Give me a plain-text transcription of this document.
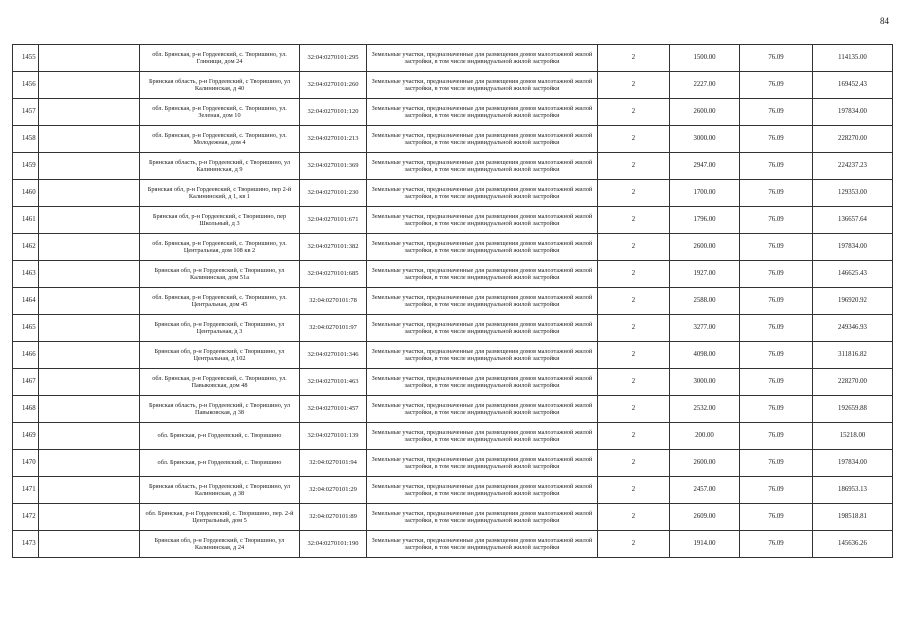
84
1455		обл. Брянская, р-н Гордеевский, с. Творишино, ул. Глинищи, дом 24	32:04:0270101:295	Земельные участки, предназначенные для размещения домов малоэтажной жилой застройки, в том числе индивидуальной жилой застройки	2	1500.00	76.09	114135.00
1456		Брянская область, р-н Гордеевский, с Творишино, ул Калининская, д 40	32:04:0270101:260	Земельные участки, предназначенные для размещения домов малоэтажной жилой застройки, в том числе индивидуальной жилой застройки	2	2227.00	76.09	169452.43
1457		обл. Брянская, р-н Гордеевский, с. Творишино, ул. Зеленая, дом 10	32:04:0270101:120	Земельные участки, предназначенные для размещения домов малоэтажной жилой застройки, в том числе индивидуальной жилой застройки	2	2600.00	76.09	197834.00
1458		обл. Брянская, р-н Гордеевский, с. Творишино, ул. Молодежная, дом 4	32:04:0270101:213	Земельные участки, предназначенные для размещения домов малоэтажной жилой застройки, в том числе индивидуальной жилой застройки	2	3000.00	76.09	228270.00
1459		Брянская область, р-н Гордеевский, с Творишино, ул Калининская, д 9	32:04:0270101:369	Земельные участки, предназначенные для размещения домов малоэтажной жилой застройки, в том числе индивидуальной жилой застройки	2	2947.00	76.09	224237.23
1460		Брянская обл, р-н Гордеевский, с Творишино, пер 2-й Калининский, д 1, кв 1	32:04:0270101:230	Земельные участки, предназначенные для размещения домов малоэтажной жилой застройки, в том числе индивидуальной жилой застройки	2	1700.00	76.09	129353.00
1461		Брянская обл, р-н Гордеевский, с Творишино, пер Школьный, д 3	32:04:0270101:671	Земельные участки, предназначенные для размещения домов малоэтажной жилой застройки, в том числе индивидуальной жилой застройки	2	1796.00	76.09	136657.64
1462		обл. Брянская, р-н Гордеевский, с. Творишино, ул. Центральная, дом 108 кв 2	32:04:0270101:382	Земельные участки, предназначенные для размещения домов малоэтажной жилой застройки, в том числе индивидуальной жилой застройки	2	2600.00	76.09	197834.00
1463		Брянская обл, р-н Гордеевский, с Творишино, ул Калининская, дом 51а	32:04:0270101:685	Земельные участки, предназначенные для размещения домов малоэтажной жилой застройки, в том числе индивидуальной жилой застройки	2	1927.00	76.09	146625.43
1464		обл. Брянская, р-н Гордеевский, с. Творишино, ул. Центральная, дом 45	32:04:0270101:78	Земельные участки, предназначенные для размещения домов малоэтажной жилой застройки, в том числе индивидуальной жилой застройки	2	2588.00	76.09	196920.92
1465		Брянская обл, р-н Гордеевский, с Творишино, ул Центральная, д 3	32:04:0270101:97	Земельные участки, предназначенные для размещения домов малоэтажной жилой застройки, в том числе индивидуальной жилой застройки	2	3277.00	76.09	249346.93
1466		Брянская обл, р-н Гордеевский, с Творишино, ул Центральная, д 102	32:04:0270101:346	Земельные участки, предназначенные для размещения домов малоэтажной жилой застройки, в том числе индивидуальной жилой застройки	2	4098.00	76.09	311816.82
1467		обл. Брянская, р-н Гордеевский, с. Творишино, ул. Павыковская, дом 48	32:04:0270101:463	Земельные участки, предназначенные для размещения домов малоэтажной жилой застройки, в том числе индивидуальной жилой застройки	2	3000.00	76.09	228270.00
1468		Брянская область, р-н Гордеевский, с Творишино, ул Павыковская, д 38	32:04:0270101:457	Земельные участки, предназначенные для размещения домов малоэтажной жилой застройки, в том числе индивидуальной жилой застройки	2	2532.00	76.09	192659.88
1469		обл. Брянская, р-н Гордеевский, с. Творишино	32:04:0270101:139	Земельные участки, предназначенные для размещения домов малоэтажной жилой застройки, в том числе индивидуальной жилой застройки	2	200.00	76.09	15218.00
1470		обл. Брянская, р-н Гордеевский, с. Творишино	32:04:0270101:94	Земельные участки, предназначенные для размещения домов малоэтажной жилой застройки, в том числе индивидуальной жилой застройки	2	2600.00	76.09	197834.00
1471		Брянская область, р-н Гордеевский, с Творишино, ул Калининская, д 38	32:04:0270101:29	Земельные участки, предназначенные для размещения домов малоэтажной жилой застройки, в том числе индивидуальной жилой застройки	2	2457.00	76.09	186953.13
1472		обл. Брянская, р-н Гордеевский, с. Творишино, пер. 2-й Центральный, дом 5	32:04:0270101:89	Земельные участки, предназначенные для размещения домов малоэтажной жилой застройки, в том числе индивидуальной жилой застройки	2	2609.00	76.09	198518.81
1473		Брянская обл, р-н Гордеевский, с Творишино, ул Калининская, д 24	32:04:0270101:190	Земельные участки, предназначенные для размещения домов малоэтажной жилой застройки, в том числе индивидуальной жилой застройки	2	1914.00	76.09	145636.26
